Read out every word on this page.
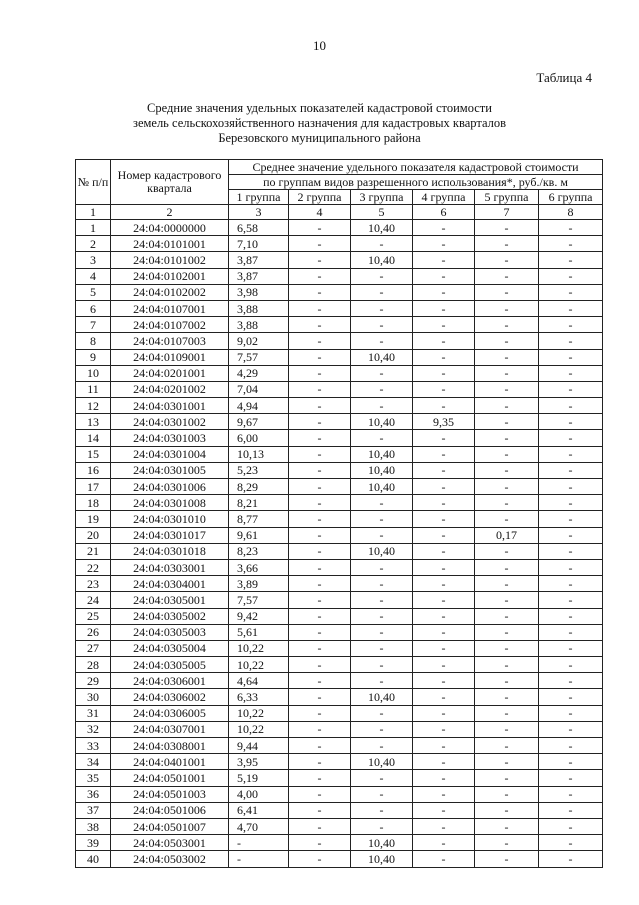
10
Таблица 4
Средние значения удельных показателей кадастровой стоимости
земель сельскохозяйственного назначения для кадастровых кварталов
Березовского муниципального района
№ п/п	Номер кадастрового квартала	Среднее значение удельного показателя кадастровой стоимости					
		по группам видов разрешенного использования*, руб./кв. м					
		1 группа	2 группа	3 группа	4 группа	5 группа	6 группа
1	2	3	4	5	6	7	8
1	24:04:0000000	6,58	-	10,40	-	-	-
2	24:04:0101001	7,10	-	-	-	-	-
3	24:04:0101002	3,87	-	10,40	-	-	-
4	24:04:0102001	3,87	-	-	-	-	-
5	24:04:0102002	3,98	-	-	-	-	-
6	24:04:0107001	3,88	-	-	-	-	-
7	24:04:0107002	3,88	-	-	-	-	-
8	24:04:0107003	9,02	-	-	-	-	-
9	24:04:0109001	7,57	-	10,40	-	-	-
10	24:04:0201001	4,29	-	-	-	-	-
11	24:04:0201002	7,04	-	-	-	-	-
12	24:04:0301001	4,94	-	-	-	-	-
13	24:04:0301002	9,67	-	10,40	9,35	-	-
14	24:04:0301003	6,00	-	-	-	-	-
15	24:04:0301004	10,13	-	10,40	-	-	-
16	24:04:0301005	5,23	-	10,40	-	-	-
17	24:04:0301006	8,29	-	10,40	-	-	-
18	24:04:0301008	8,21	-	-	-	-	-
19	24:04:0301010	8,77	-	-	-	-	-
20	24:04:0301017	9,61	-	-	-	0,17	-
21	24:04:0301018	8,23	-	10,40	-	-	-
22	24:04:0303001	3,66	-	-	-	-	-
23	24:04:0304001	3,89	-	-	-	-	-
24	24:04:0305001	7,57	-	-	-	-	-
25	24:04:0305002	9,42	-	-	-	-	-
26	24:04:0305003	5,61	-	-	-	-	-
27	24:04:0305004	10,22	-	-	-	-	-
28	24:04:0305005	10,22	-	-	-	-	-
29	24:04:0306001	4,64	-	-	-	-	-
30	24:04:0306002	6,33	-	10,40	-	-	-
31	24:04:0306005	10,22	-	-	-	-	-
32	24:04:0307001	10,22	-	-	-	-	-
33	24:04:0308001	9,44	-	-	-	-	-
34	24:04:0401001	3,95	-	10,40	-	-	-
35	24:04:0501001	5,19	-	-	-	-	-
36	24:04:0501003	4,00	-	-	-	-	-
37	24:04:0501006	6,41	-	-	-	-	-
38	24:04:0501007	4,70	-	-	-	-	-
39	24:04:0503001	-	-	10,40	-	-	-
40	24:04:0503002	-	-	10,40	-	-	-
